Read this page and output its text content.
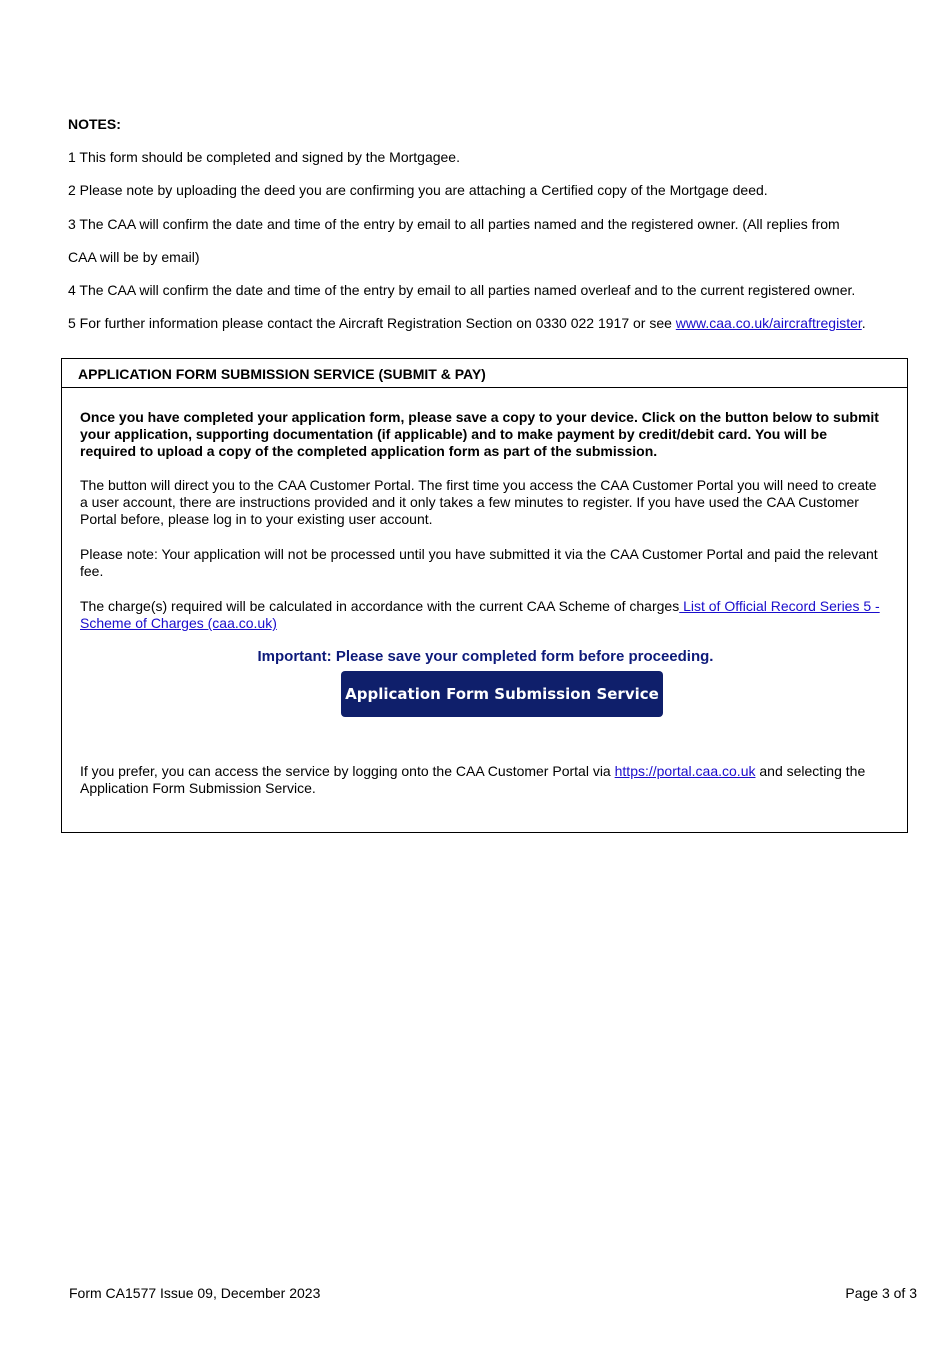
NOTES:

1 This form should be completed and signed by the Mortgagee.

2 Please note by uploading the deed you are confirming you are attaching a Certified copy of the Mortgage deed.

3 The CAA will confirm the date and time of the entry by email to all parties named and the registered owner. (All replies from

CAA will be by email)

4 The CAA will confirm the date and time of the entry by email to all parties named overleaf and to the current registered owner.

5 For further information please contact the Aircraft Registration Section on 0330 022 1917 or see www.caa.co.uk/aircraftregister.

APPLICATION FORM SUBMISSION SERVICE (SUBMIT & PAY)

Once you have completed your application form, please save a copy to your device. Click on the button below to submit your application, supporting documentation (if applicable) and to make payment by credit/debit card. You will be required to upload a copy of the completed application form as part of the submission.

The button will direct you to the CAA Customer Portal. The first time you access the CAA Customer Portal you will need to create a user account, there are instructions provided and it only takes a few minutes to register. If you have used the CAA Customer Portal before, please log in to your existing user account.

Please note: Your application will not be processed until you have submitted it via the CAA Customer Portal and paid the relevant fee.

The charge(s) required will be calculated in accordance with the current CAA Scheme of charges List of Official Record Series 5 - Scheme of Charges (caa.co.uk)

Important: Please save your completed form before proceeding.

Application Form Submission Service

If you prefer, you can access the service by logging onto the CAA Customer Portal via https://portal.caa.co.uk and selecting the Application Form Submission Service.

Form CA1577 Issue 09, December 2023	Page 3 of 3
